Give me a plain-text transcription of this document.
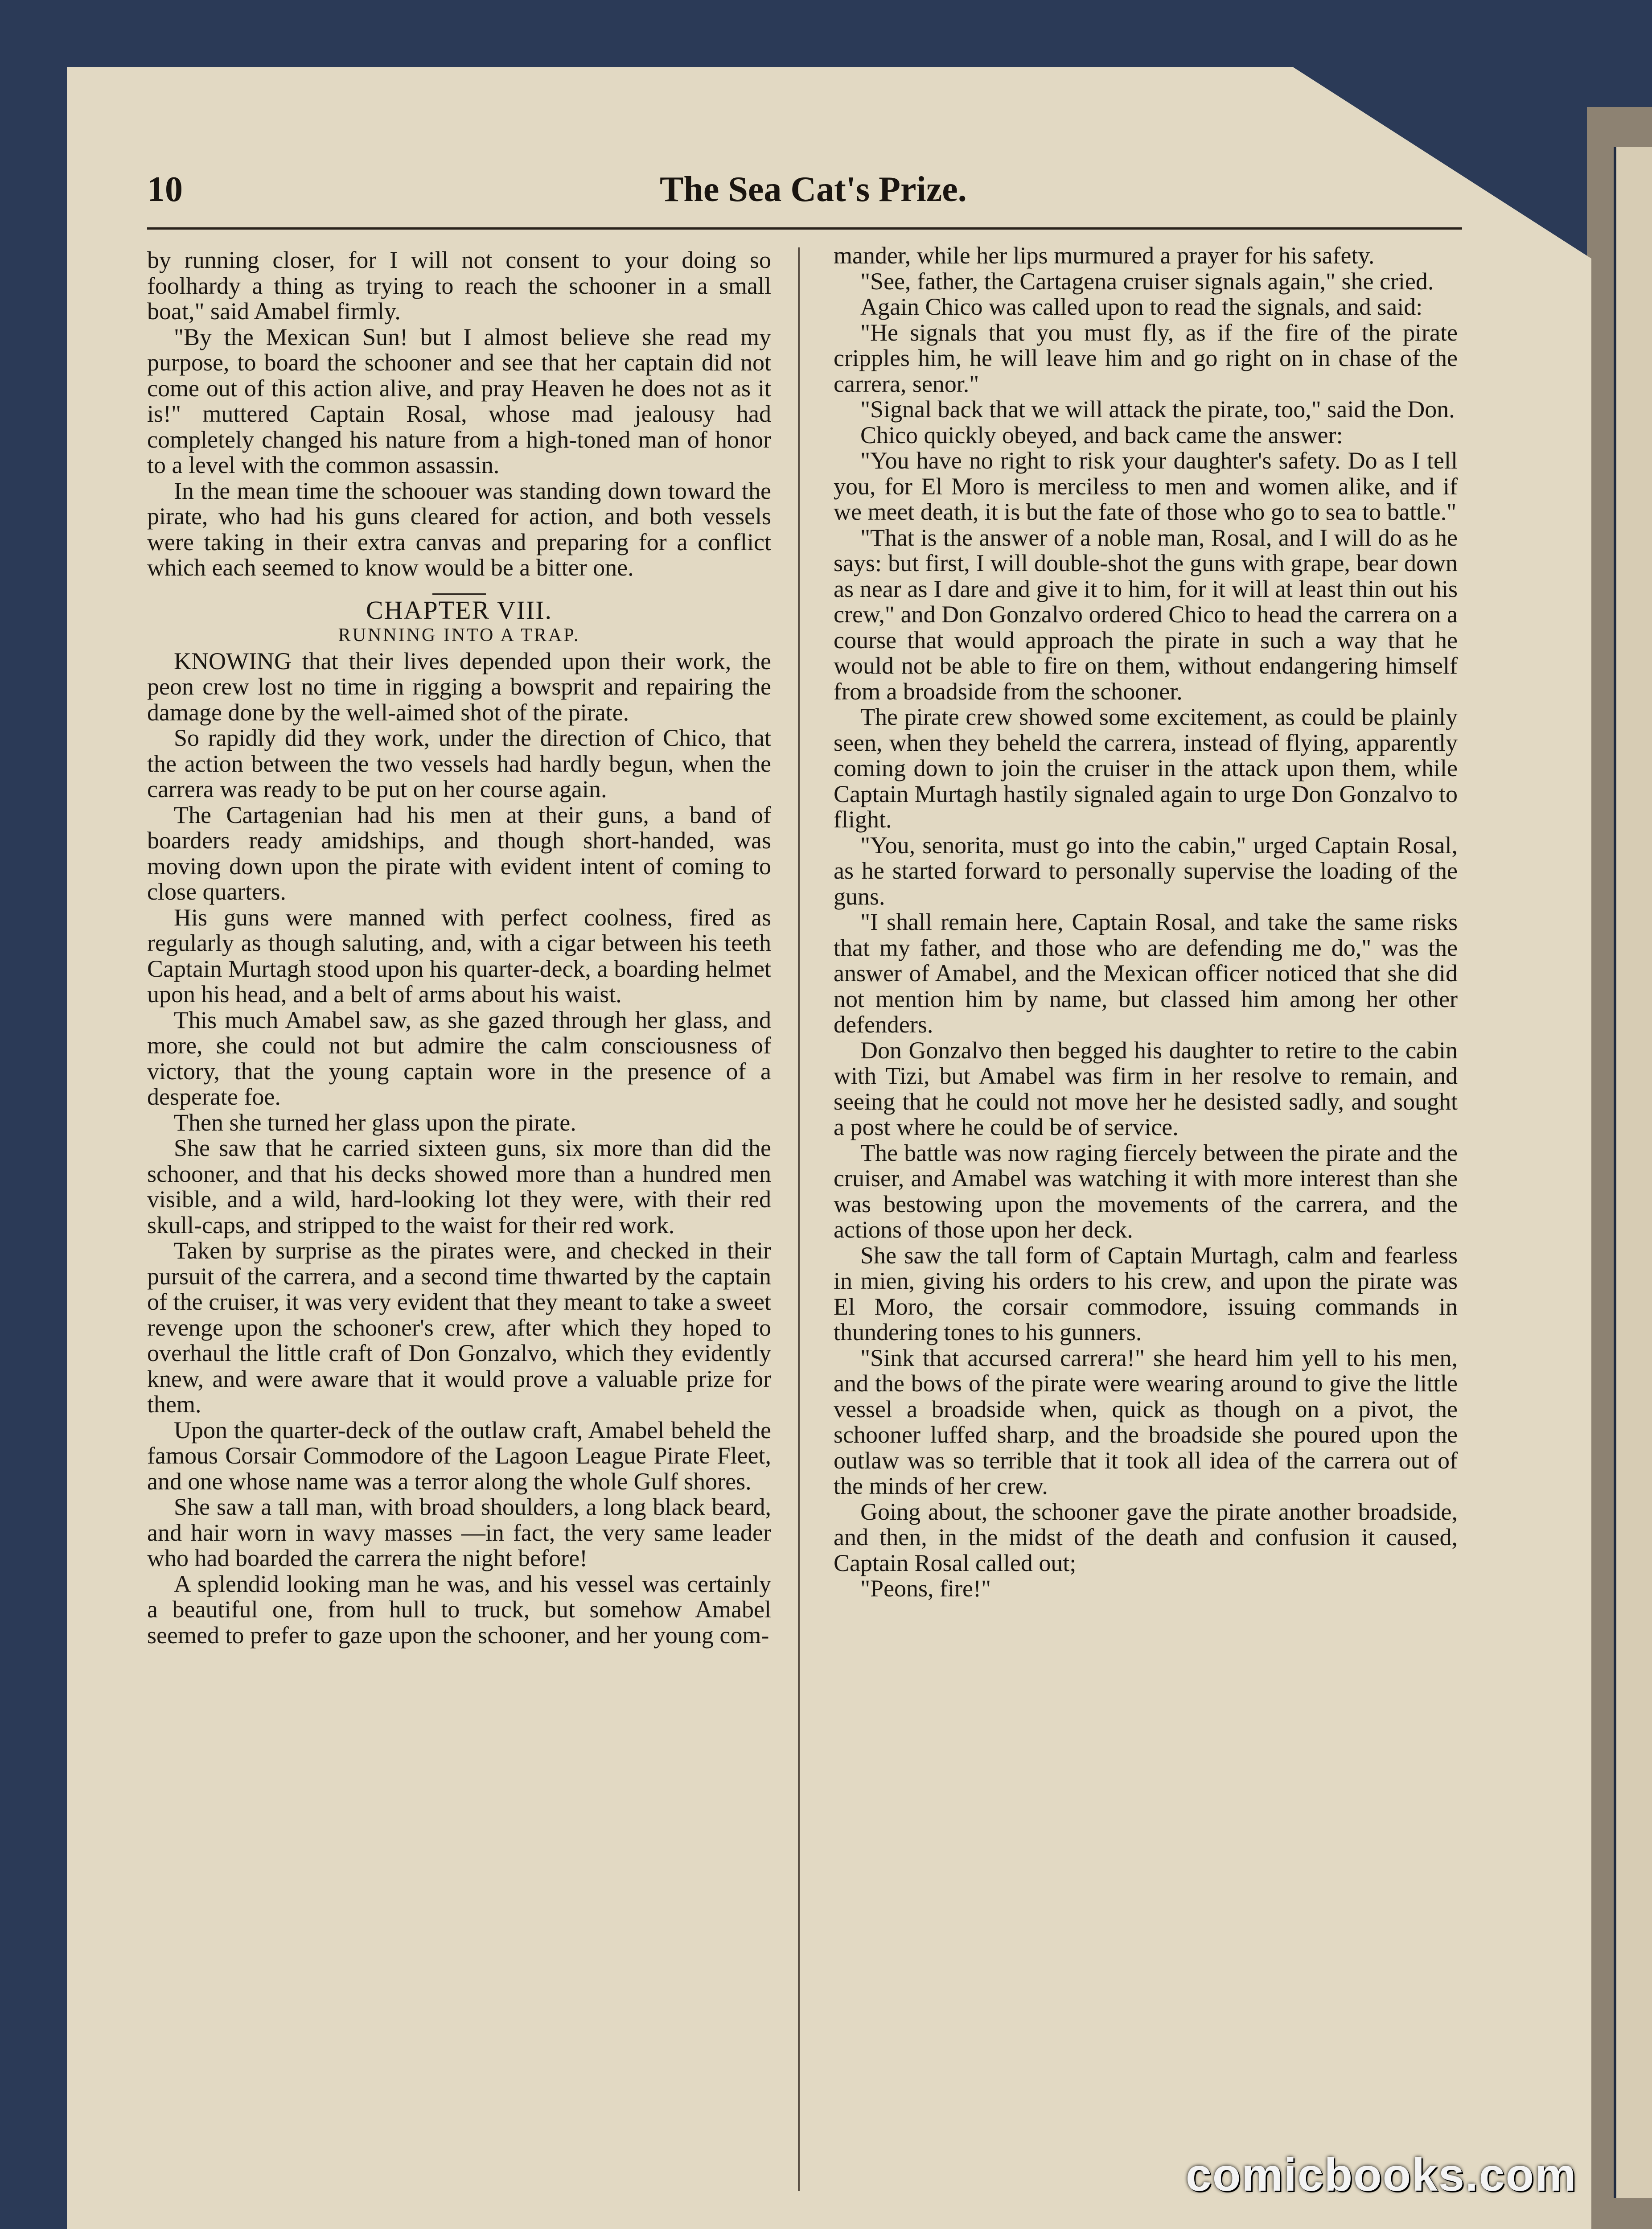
10	The Sea Cat's Prize.

by running closer, for I will not consent to your doing so foolhardy a thing as trying to reach the schooner in a small boat," said Amabel firmly.

"By the Mexican Sun! but I almost believe she read my purpose, to board the schooner and see that her captain did not come out of this action alive, and pray Heaven he does not as it is!" muttered Captain Rosal, whose mad jealousy had completely changed his nature from a high-toned man of honor to a level with the common assassin.

In the mean time the schoouer was standing down toward the pirate, who had his guns cleared for action, and both vessels were taking in their extra canvas and preparing for a conflict which each seemed to know would be a bitter one.

CHAPTER VIII.

RUNNING INTO A TRAP.

KNOWING that their lives depended upon their work, the peon crew lost no time in rigging a bowsprit and repairing the damage done by the well-aimed shot of the pirate.

So rapidly did they work, under the direction of Chico, that the action between the two vessels had hardly begun, when the carrera was ready to be put on her course again.

The Cartagenian had his men at their guns, a band of boarders ready amidships, and though short-handed, was moving down upon the pirate with evident intent of coming to close quarters.

His guns were manned with perfect coolness, fired as regularly as though saluting, and, with a cigar between his teeth Captain Murtagh stood upon his quarter-deck, a boarding helmet upon his head, and a belt of arms about his waist.

This much Amabel saw, as she gazed through her glass, and more, she could not but admire the calm consciousness of victory, that the young captain wore in the presence of a desperate foe.

Then she turned her glass upon the pirate.

She saw that he carried sixteen guns, six more than did the schooner, and that his decks showed more than a hundred men visible, and a wild, hard-looking lot they were, with their red skull-caps, and stripped to the waist for their red work.

Taken by surprise as the pirates were, and checked in their pursuit of the carrera, and a second time thwarted by the captain of the cruiser, it was very evident that they meant to take a sweet revenge upon the schooner's crew, after which they hoped to overhaul the little craft of Don Gonzalvo, which they evidently knew, and were aware that it would prove a valuable prize for them.

Upon the quarter-deck of the outlaw craft, Amabel beheld the famous Corsair Commodore of the Lagoon League Pirate Fleet, and one whose name was a terror along the whole Gulf shores.

She saw a tall man, with broad shoulders, a long black beard, and hair worn in wavy masses —in fact, the very same leader who had boarded the carrera the night before!

A splendid looking man he was, and his vessel was certainly a beautiful one, from hull to truck, but somehow Amabel seemed to prefer to gaze upon the schooner, and her young com-

mander, while her lips murmured a prayer for his safety.

"See, father, the Cartagena cruiser signals again," she cried.

Again Chico was called upon to read the signals, and said:

"He signals that you must fly, as if the fire of the pirate cripples him, he will leave him and go right on in chase of the carrera, senor."

"Signal back that we will attack the pirate, too," said the Don.

Chico quickly obeyed, and back came the answer:

"You have no right to risk your daughter's safety. Do as I tell you, for El Moro is merciless to men and women alike, and if we meet death, it is but the fate of those who go to sea to battle."

"That is the answer of a noble man, Rosal, and I will do as he says: but first, I will double-shot the guns with grape, bear down as near as I dare and give it to him, for it will at least thin out his crew," and Don Gonzalvo ordered Chico to head the carrera on a course that would approach the pirate in such a way that he would not be able to fire on them, without endangering himself from a broadside from the schooner.

The pirate crew showed some excitement, as could be plainly seen, when they beheld the carrera, instead of flying, apparently coming down to join the cruiser in the attack upon them, while Captain Murtagh hastily signaled again to urge Don Gonzalvo to flight.

"You, senorita, must go into the cabin," urged Captain Rosal, as he started forward to personally supervise the loading of the guns.

"I shall remain here, Captain Rosal, and take the same risks that my father, and those who are defending me do," was the answer of Amabel, and the Mexican officer noticed that she did not mention him by name, but classed him among her other defenders.

Don Gonzalvo then begged his daughter to retire to the cabin with Tizi, but Amabel was firm in her resolve to remain, and seeing that he could not move her he desisted sadly, and sought a post where he could be of service.

The battle was now raging fiercely between the pirate and the cruiser, and Amabel was watching it with more interest than she was bestowing upon the movements of the carrera, and the actions of those upon her deck.

She saw the tall form of Captain Murtagh, calm and fearless in mien, giving his orders to his crew, and upon the pirate was El Moro, the corsair commodore, issuing commands in thundering tones to his gunners.

"Sink that accursed carrera!" she heard him yell to his men, and the bows of the pirate were wearing around to give the little vessel a broadside when, quick as though on a pivot, the schooner luffed sharp, and the broadside she poured upon the outlaw was so terrible that it took all idea of the carrera out of the minds of her crew.

Going about, the schooner gave the pirate another broadside, and then, in the midst of the death and confusion it caused, Captain Rosal called out;

"Peons, fire!"

comicbooks.com
